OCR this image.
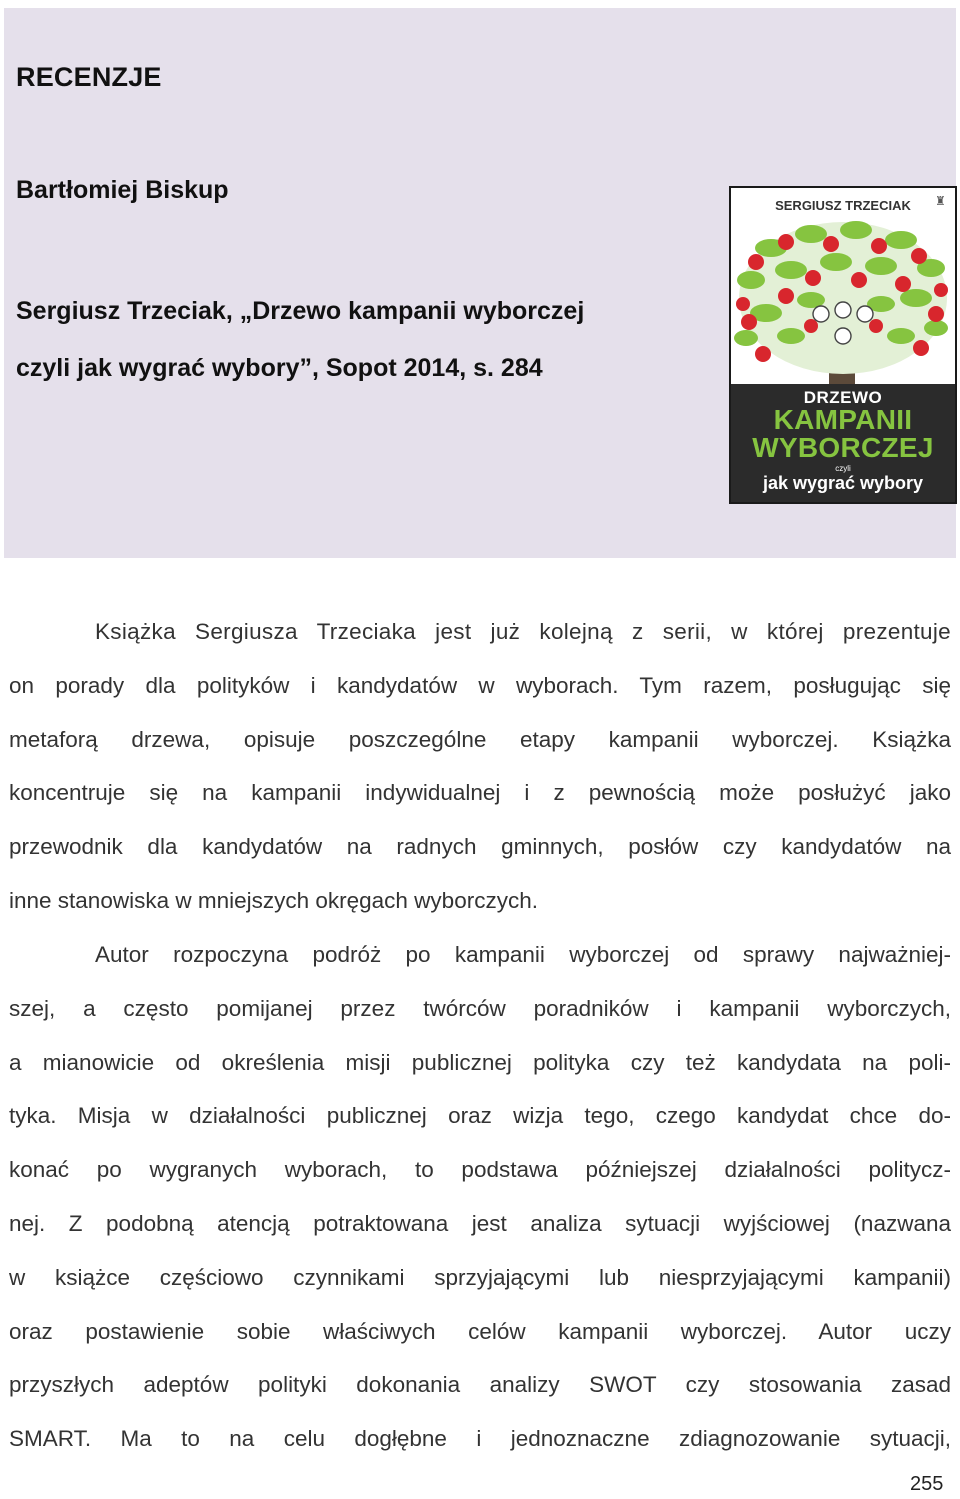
RECENZJE
Bartłomiej Biskup
Sergiusz Trzeciak, „Drzewo kampanii wyborczej
czyli jak wygrać wybory”, Sopot 2014, s. 284
SERGIUSZ TRZECIAK	♜
DRZEWO
KAMPANII
WYBORCZEJ
czyli
jak wygrać wybory
Książka Sergiusza Trzeciaka jest już kolejną z serii, w której prezentuje
on porady dla polityków i kandydatów w wyborach. Tym razem, posługując się
metaforą drzewa, opisuje poszczególne etapy kampanii wyborczej. Książka
koncentruje się na kampanii indywidualnej i z pewnością może posłużyć jako
przewodnik dla kandydatów na radnych gminnych, posłów czy kandydatów na
inne stanowiska w mniejszych okręgach wyborczych.
Autor rozpoczyna podróż po kampanii wyborczej od sprawy najważniej-
szej, a często pomijanej przez twórców poradników i kampanii wyborczych,
a mianowicie od określenia misji publicznej polityka czy też kandydata na poli-
tyka. Misja w działalności publicznej oraz wizja tego, czego kandydat chce do-
konać po wygranych wyborach, to podstawa późniejszej działalności politycz-
nej. Z podobną atencją potraktowana jest analiza sytuacji wyjściowej (nazwana
w książce częściowo czynnikami sprzyjającymi lub niesprzyjającymi kampanii)
oraz postawienie sobie właściwych celów kampanii wyborczej. Autor uczy
przyszłych adeptów polityki dokonania analizy SWOT czy stosowania zasad
SMART. Ma to na celu dogłębne i jednoznaczne zdiagnozowanie sytuacji,
255
